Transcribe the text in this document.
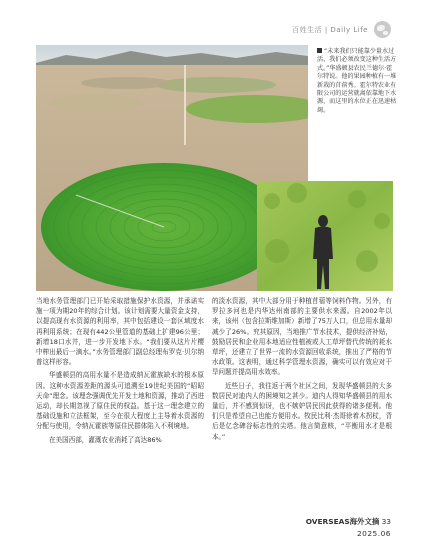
百姓生活 | Daily Life
“未来我们只能靠少量水过活，我们必须改变这种生活方式。”华盛顿县农民兰德尔·霍尔特说。他的果园种植有一堆新栽的苜蓿秀。霍尔特农业有限公司的运营就离依靠地下水源，而这里的水位正在迅速枯竭。

当地水务管理部门已开始采取措施保护水资源，并承诺实施一项为期20年的综合计划。该计划需要大量资金支持，以提高现有水资源的利用率，其中包括建设一套区域度水再利用系统；在现有442公里管道的基础上扩建96公里；新增18口水井，进一步开发地下水。“我们要从这片片樱中榨出最后一滴水。”水务管理部门副总经理布罗克·贝尔纳普这样形容。

华盛顿县的高用水量不是造成纳瓦霍族缺水的根本原因。这种水资源差距的源头可追溯至19世纪美国的“昭昭天命”理念。该理念强调优先开发土地和资源，推动了西进运动，却长期忽视了原住民的权益。基于这一理念建立的基础设施和立法框架，至今在很大程度上主导着水资源的分配与使用，令纳瓦霍族等原住民群体陷入不利境地。

在美国西部，灌溉农业消耗了高达86%

的淡水资源，其中大部分用于种植苜蓿等饲料作物。另外，有罗拉多河也是内华达州南部的主要供水来源。自2002年以来，该州（包含拉斯维加斯）新增了75万人口，但总用水量却减少了26%。究其原因，当地推广节水技术，提供经济补贴，鼓励居民和企业用本地适应性植被或人工草坪替代传统的耗水草坪，还建立了世界一流的水资源回收系统，推出了严格的节水政策。这表明，通过科学管理水资源，确实可以有效应对干旱问题并提高用水效率。

近些日子，我往返于两个社区之间，发现华盛顿县的大多数居民对迪内人的困境知之甚少。迪内人得知华盛顿县的用水量后，并不感到惊讶，也不嫉妒居民因此获得的诸多便利。他们只是希望自己也能方便用水。牧民比利·杰哥徐着木拐杖，背后是亿念碑谷标志性的尖塔。他言简意赅，“平衡用水才是根本。”

OVERSEAS海外文摘 33
2025.06
